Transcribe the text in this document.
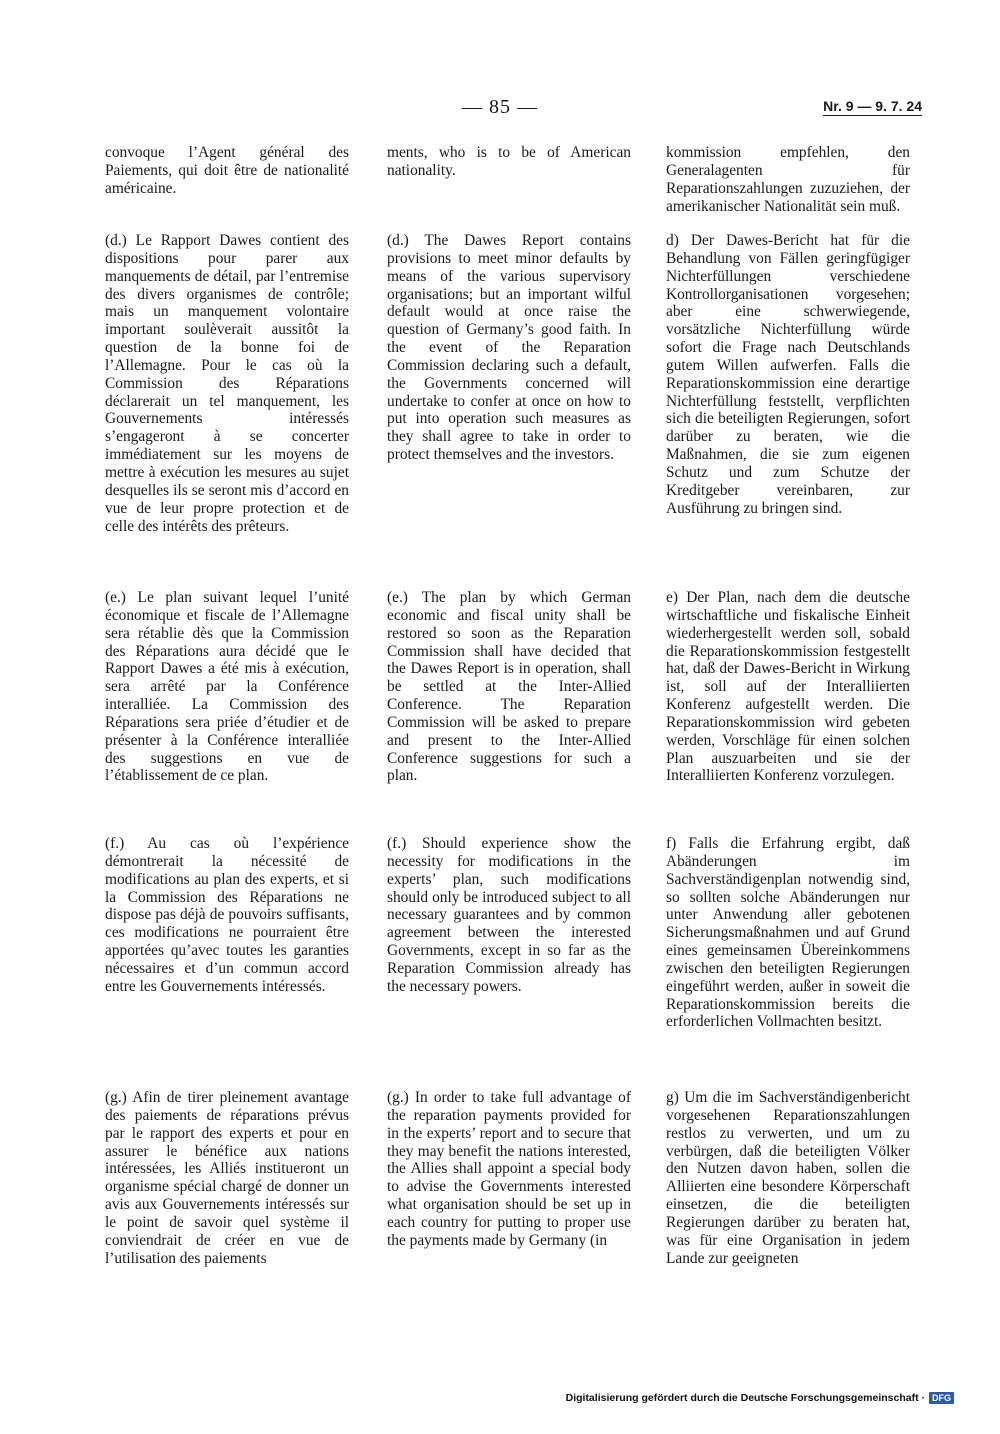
— 85 —	Nr. 9 — 9. 7. 24
convoque l’Agent général des Paiements, qui doit être de nationalité américaine.
(d.) Le Rapport Dawes contient des dispositions pour parer aux manquements de détail, par l’entremise des divers organismes de contrôle; mais un manquement volontaire important soulèverait aussitôt la question de la bonne foi de l’Allemagne. Pour le cas où la Commission des Réparations déclarerait un tel manquement, les Gouvernements intéressés s’engageront à se concerter immédiatement sur les moyens de mettre à exécution les mesures au sujet desquelles ils se seront mis d’accord en vue de leur propre protection et de celle des intérêts des prêteurs.
(e.) Le plan suivant lequel l’unité économique et fiscale de l’Allemagne sera rétablie dès que la Commission des Réparations aura décidé que le Rapport Dawes a été mis à exécution, sera arrêté par la Conférence interalliée. La Commission des Réparations sera priée d’étudier et de présenter à la Conférence interalliée des suggestions en vue de l’établissement de ce plan.
(f.) Au cas où l’expérience démontrerait la nécessité de modifications au plan des experts, et si la Commission des Réparations ne dispose pas déjà de pouvoirs suffisants, ces modifications ne pourraient être apportées qu’avec toutes les garanties nécessaires et d’un commun accord entre les Gouvernements intéressés.
(g.) Afin de tirer pleinement avantage des paiements de réparations prévus par le rapport des experts et pour en assurer le bénéfice aux nations intéressées, les Alliés institueront un organisme spécial chargé de donner un avis aux Gouvernements intéressés sur le point de savoir quel système il conviendrait de créer en vue de l’utilisation des paiements
ments, who is to be of American nationality.
(d.) The Dawes Report contains provisions to meet minor defaults by means of the various supervisory organisations; but an important wilful default would at once raise the question of Germany’s good faith. In the event of the Reparation Commission declaring such a default, the Governments concerned will undertake to confer at once on how to put into operation such measures as they shall agree to take in order to protect themselves and the investors.
(e.) The plan by which German economic and fiscal unity shall be restored so soon as the Reparation Commission shall have decided that the Dawes Report is in operation, shall be settled at the Inter-Allied Conference. The Reparation Commission will be asked to prepare and present to the Inter-Allied Conference suggestions for such a plan.
(f.) Should experience show the necessity for modifications in the experts’ plan, such modifications should only be introduced subject to all necessary guarantees and by common agreement between the interested Governments, except in so far as the Reparation Commission already has the necessary powers.
(g.) In order to take full advantage of the reparation payments provided for in the experts’ report and to secure that they may benefit the nations interested, the Allies shall appoint a special body to advise the Governments interested what organisation should be set up in each country for putting to proper use the payments made by Germany (in
kommission empfehlen, den Generalagenten für Reparationszahlungen zuzuziehen, der amerikanischer Nationalität sein muß.
d) Der Dawes-Bericht hat für die Behandlung von Fällen geringfügiger Nichterfüllungen verschiedene Kontrollorganisationen vorgesehen; aber eine schwerwiegende, vorsätzliche Nichterfüllung würde sofort die Frage nach Deutschlands gutem Willen aufwerfen. Falls die Reparationskommission eine derartige Nichterfüllung feststellt, verpflichten sich die beteiligten Regierungen, sofort darüber zu beraten, wie die Maßnahmen, die sie zum eigenen Schutz und zum Schutze der Kreditgeber vereinbaren, zur Ausführung zu bringen sind.
e) Der Plan, nach dem die deutsche wirtschaftliche und fiskalische Einheit wiederhergestellt werden soll, sobald die Reparationskommission festgestellt hat, daß der Dawes-Bericht in Wirkung ist, soll auf der Interalliierten Konferenz aufgestellt werden. Die Reparationskommission wird gebeten werden, Vorschläge für einen solchen Plan auszuarbeiten und sie der Interalliierten Konferenz vorzulegen.
f) Falls die Erfahrung ergibt, daß Abänderungen im Sachverständigenplan notwendig sind, so sollten solche Abänderungen nur unter Anwendung aller gebotenen Sicherungsmaßnahmen und auf Grund eines gemeinsamen Übereinkommens zwischen den beteiligten Regierungen eingeführt werden, außer in soweit die Reparationskommission bereits die erforderlichen Vollmachten besitzt.
g) Um die im Sachverständigenbericht vorgesehenen Reparationszahlungen restlos zu verwerten, und um zu verbürgen, daß die beteiligten Völker den Nutzen davon haben, sollen die Alliierten eine besondere Körperschaft einsetzen, die die beteiligten Regierungen darüber zu beraten hat, was für eine Organisation in jedem Lande zur geeigneten
Digitalisierung gefördert durch die Deutsche Forschungsgemeinschaft · DFG
